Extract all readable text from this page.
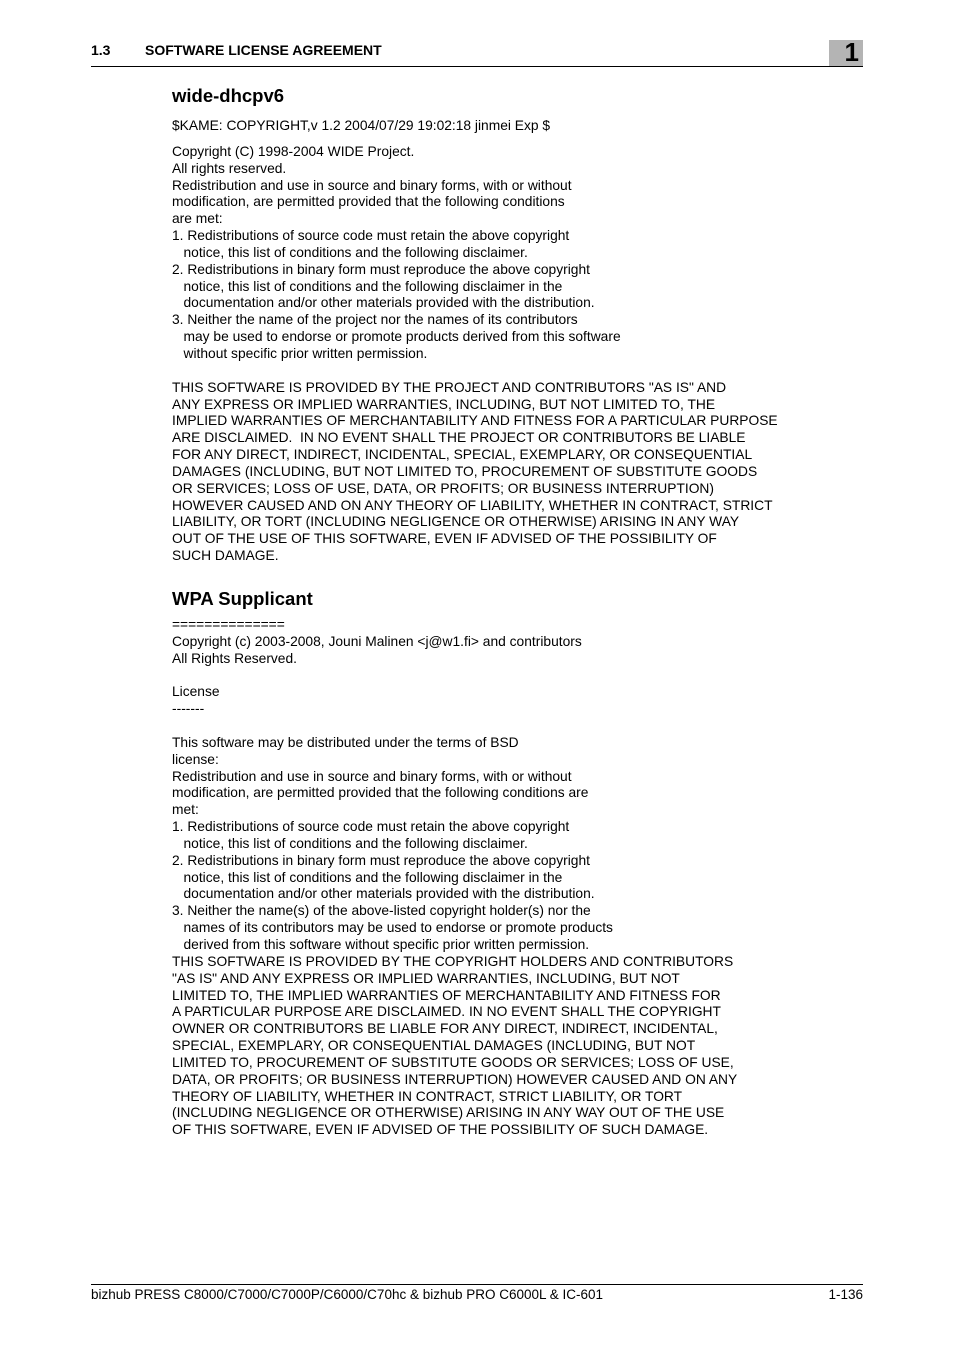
1.3 SOFTWARE LICENSE AGREEMENT	1
wide-dhcpv6
$KAME: COPYRIGHT,v 1.2 2004/07/29 19:02:18 jinmei Exp $
Copyright (C) 1998-2004 WIDE Project.
All rights reserved.
Redistribution and use in source and binary forms, with or without
modification, are permitted provided that the following conditions
are met:
1. Redistributions of source code must retain the above copyright
notice, this list of conditions and the following disclaimer.
2. Redistributions in binary form must reproduce the above copyright
notice, this list of conditions and the following disclaimer in the
documentation and/or other materials provided with the distribution.
3. Neither the name of the project nor the names of its contributors
may be used to endorse or promote products derived from this software
without specific prior written permission.

THIS SOFTWARE IS PROVIDED BY THE PROJECT AND CONTRIBUTORS "AS IS" AND
ANY EXPRESS OR IMPLIED WARRANTIES, INCLUDING, BUT NOT LIMITED TO, THE
IMPLIED WARRANTIES OF MERCHANTABILITY AND FITNESS FOR A PARTICULAR PURPOSE
ARE DISCLAIMED.  IN NO EVENT SHALL THE PROJECT OR CONTRIBUTORS BE LIABLE
FOR ANY DIRECT, INDIRECT, INCIDENTAL, SPECIAL, EXEMPLARY, OR CONSEQUENTIAL
DAMAGES (INCLUDING, BUT NOT LIMITED TO, PROCUREMENT OF SUBSTITUTE GOODS
OR SERVICES; LOSS OF USE, DATA, OR PROFITS; OR BUSINESS INTERRUPTION)
HOWEVER CAUSED AND ON ANY THEORY OF LIABILITY, WHETHER IN CONTRACT, STRICT
LIABILITY, OR TORT (INCLUDING NEGLIGENCE OR OTHERWISE) ARISING IN ANY WAY
OUT OF THE USE OF THIS SOFTWARE, EVEN IF ADVISED OF THE POSSIBILITY OF
SUCH DAMAGE.
WPA Supplicant
==============
Copyright (c) 2003-2008, Jouni Malinen <j@w1.fi> and contributors
All Rights Reserved.

License
-------

This software may be distributed under the terms of BSD
license:
Redistribution and use in source and binary forms, with or without
modification, are permitted provided that the following conditions are
met:
1. Redistributions of source code must retain the above copyright
notice, this list of conditions and the following disclaimer.
2. Redistributions in binary form must reproduce the above copyright
notice, this list of conditions and the following disclaimer in the
documentation and/or other materials provided with the distribution.
3. Neither the name(s) of the above-listed copyright holder(s) nor the
names of its contributors may be used to endorse or promote products
derived from this software without specific prior written permission.
THIS SOFTWARE IS PROVIDED BY THE COPYRIGHT HOLDERS AND CONTRIBUTORS
"AS IS" AND ANY EXPRESS OR IMPLIED WARRANTIES, INCLUDING, BUT NOT
LIMITED TO, THE IMPLIED WARRANTIES OF MERCHANTABILITY AND FITNESS FOR
A PARTICULAR PURPOSE ARE DISCLAIMED. IN NO EVENT SHALL THE COPYRIGHT
OWNER OR CONTRIBUTORS BE LIABLE FOR ANY DIRECT, INDIRECT, INCIDENTAL,
SPECIAL, EXEMPLARY, OR CONSEQUENTIAL DAMAGES (INCLUDING, BUT NOT
LIMITED TO, PROCUREMENT OF SUBSTITUTE GOODS OR SERVICES; LOSS OF USE,
DATA, OR PROFITS; OR BUSINESS INTERRUPTION) HOWEVER CAUSED AND ON ANY
THEORY OF LIABILITY, WHETHER IN CONTRACT, STRICT LIABILITY, OR TORT
(INCLUDING NEGLIGENCE OR OTHERWISE) ARISING IN ANY WAY OUT OF THE USE
OF THIS SOFTWARE, EVEN IF ADVISED OF THE POSSIBILITY OF SUCH DAMAGE.
bizhub PRESS C8000/C7000/C7000P/C6000/C70hc & bizhub PRO C6000L & IC-601	1-136
